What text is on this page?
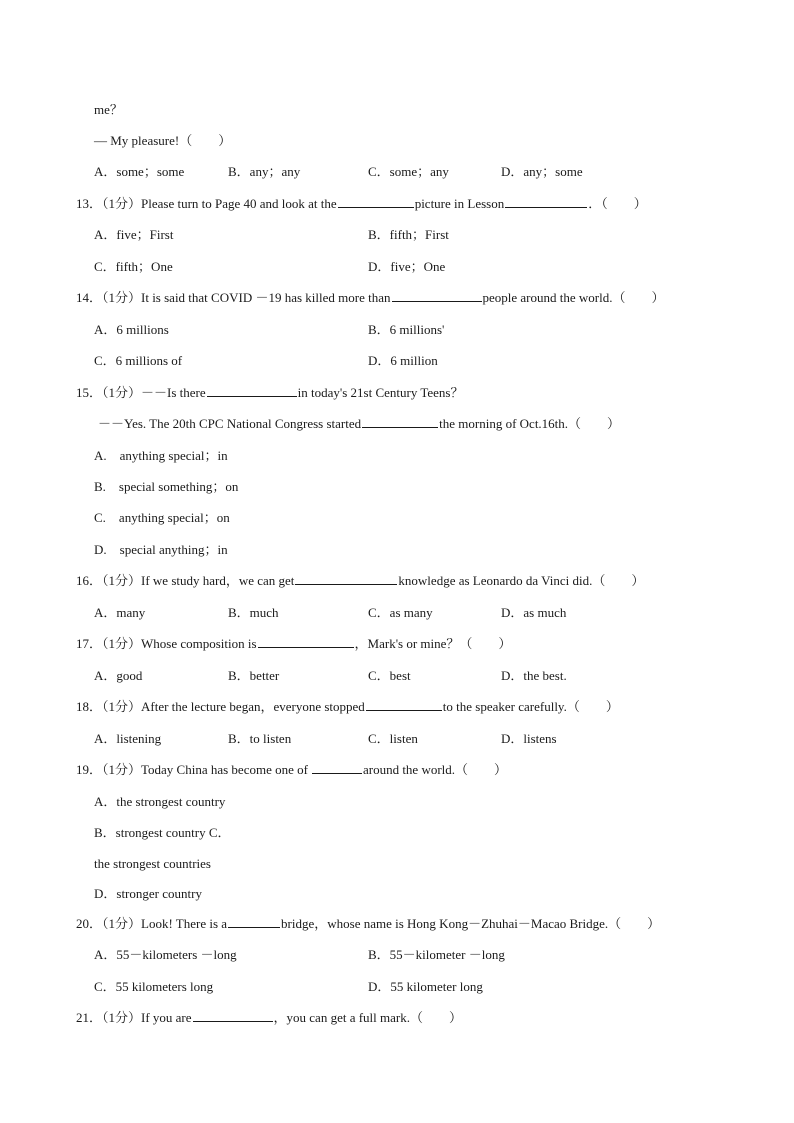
me？
— My pleasure!（　　）
A．some；some	B．any；any	C．some；any	D．any；some
13．（1分）Please turn to Page 40 and look at the	picture in Lesson	．（　　）
A．five；First	B．fifth；First
C．fifth；One	D．five；One
14．（1分）It is said that COVID －19 has killed more than	people around the world.（　　）
A．6 millions	B．6 millions'
C．6 millions of	D．6 million
15．（1分）－－Is there	in today's 21st Century Teens？
－－Yes. The 20th CPC National Congress started	the morning of Oct.16th.（　　）
A.　anything special；in
B.　special something；on
C.　anything special；on
D.　special anything；in
16．（1分）If we study hard，we can get	knowledge as Leonardo da Vinci did.（　　）
A．many	B．much	C．as many	D．as much
17．（1分）Whose composition is	，Mark's or mine？（　　）
A．good	B．better	C．best	D．the best.
18．（1分）After the lecture began，everyone stopped	to the speaker carefully.（　　）
A．listening	B．to listen	C．listen	D．listens
19．（1分）Today China has become one of	around the world.（　　）
A．the strongest country
B．strongest country C．
the strongest countries
D．stronger country
20．（1分）Look! There is a	bridge，whose name is Hong Kong－Zhuhai－Macao Bridge.（　　）
A．55－kilometers －long	B．55－kilometer －long
C．55 kilometers long	D．55 kilometer long
21．（1分）If you are	，you can get a full mark.（　　）
